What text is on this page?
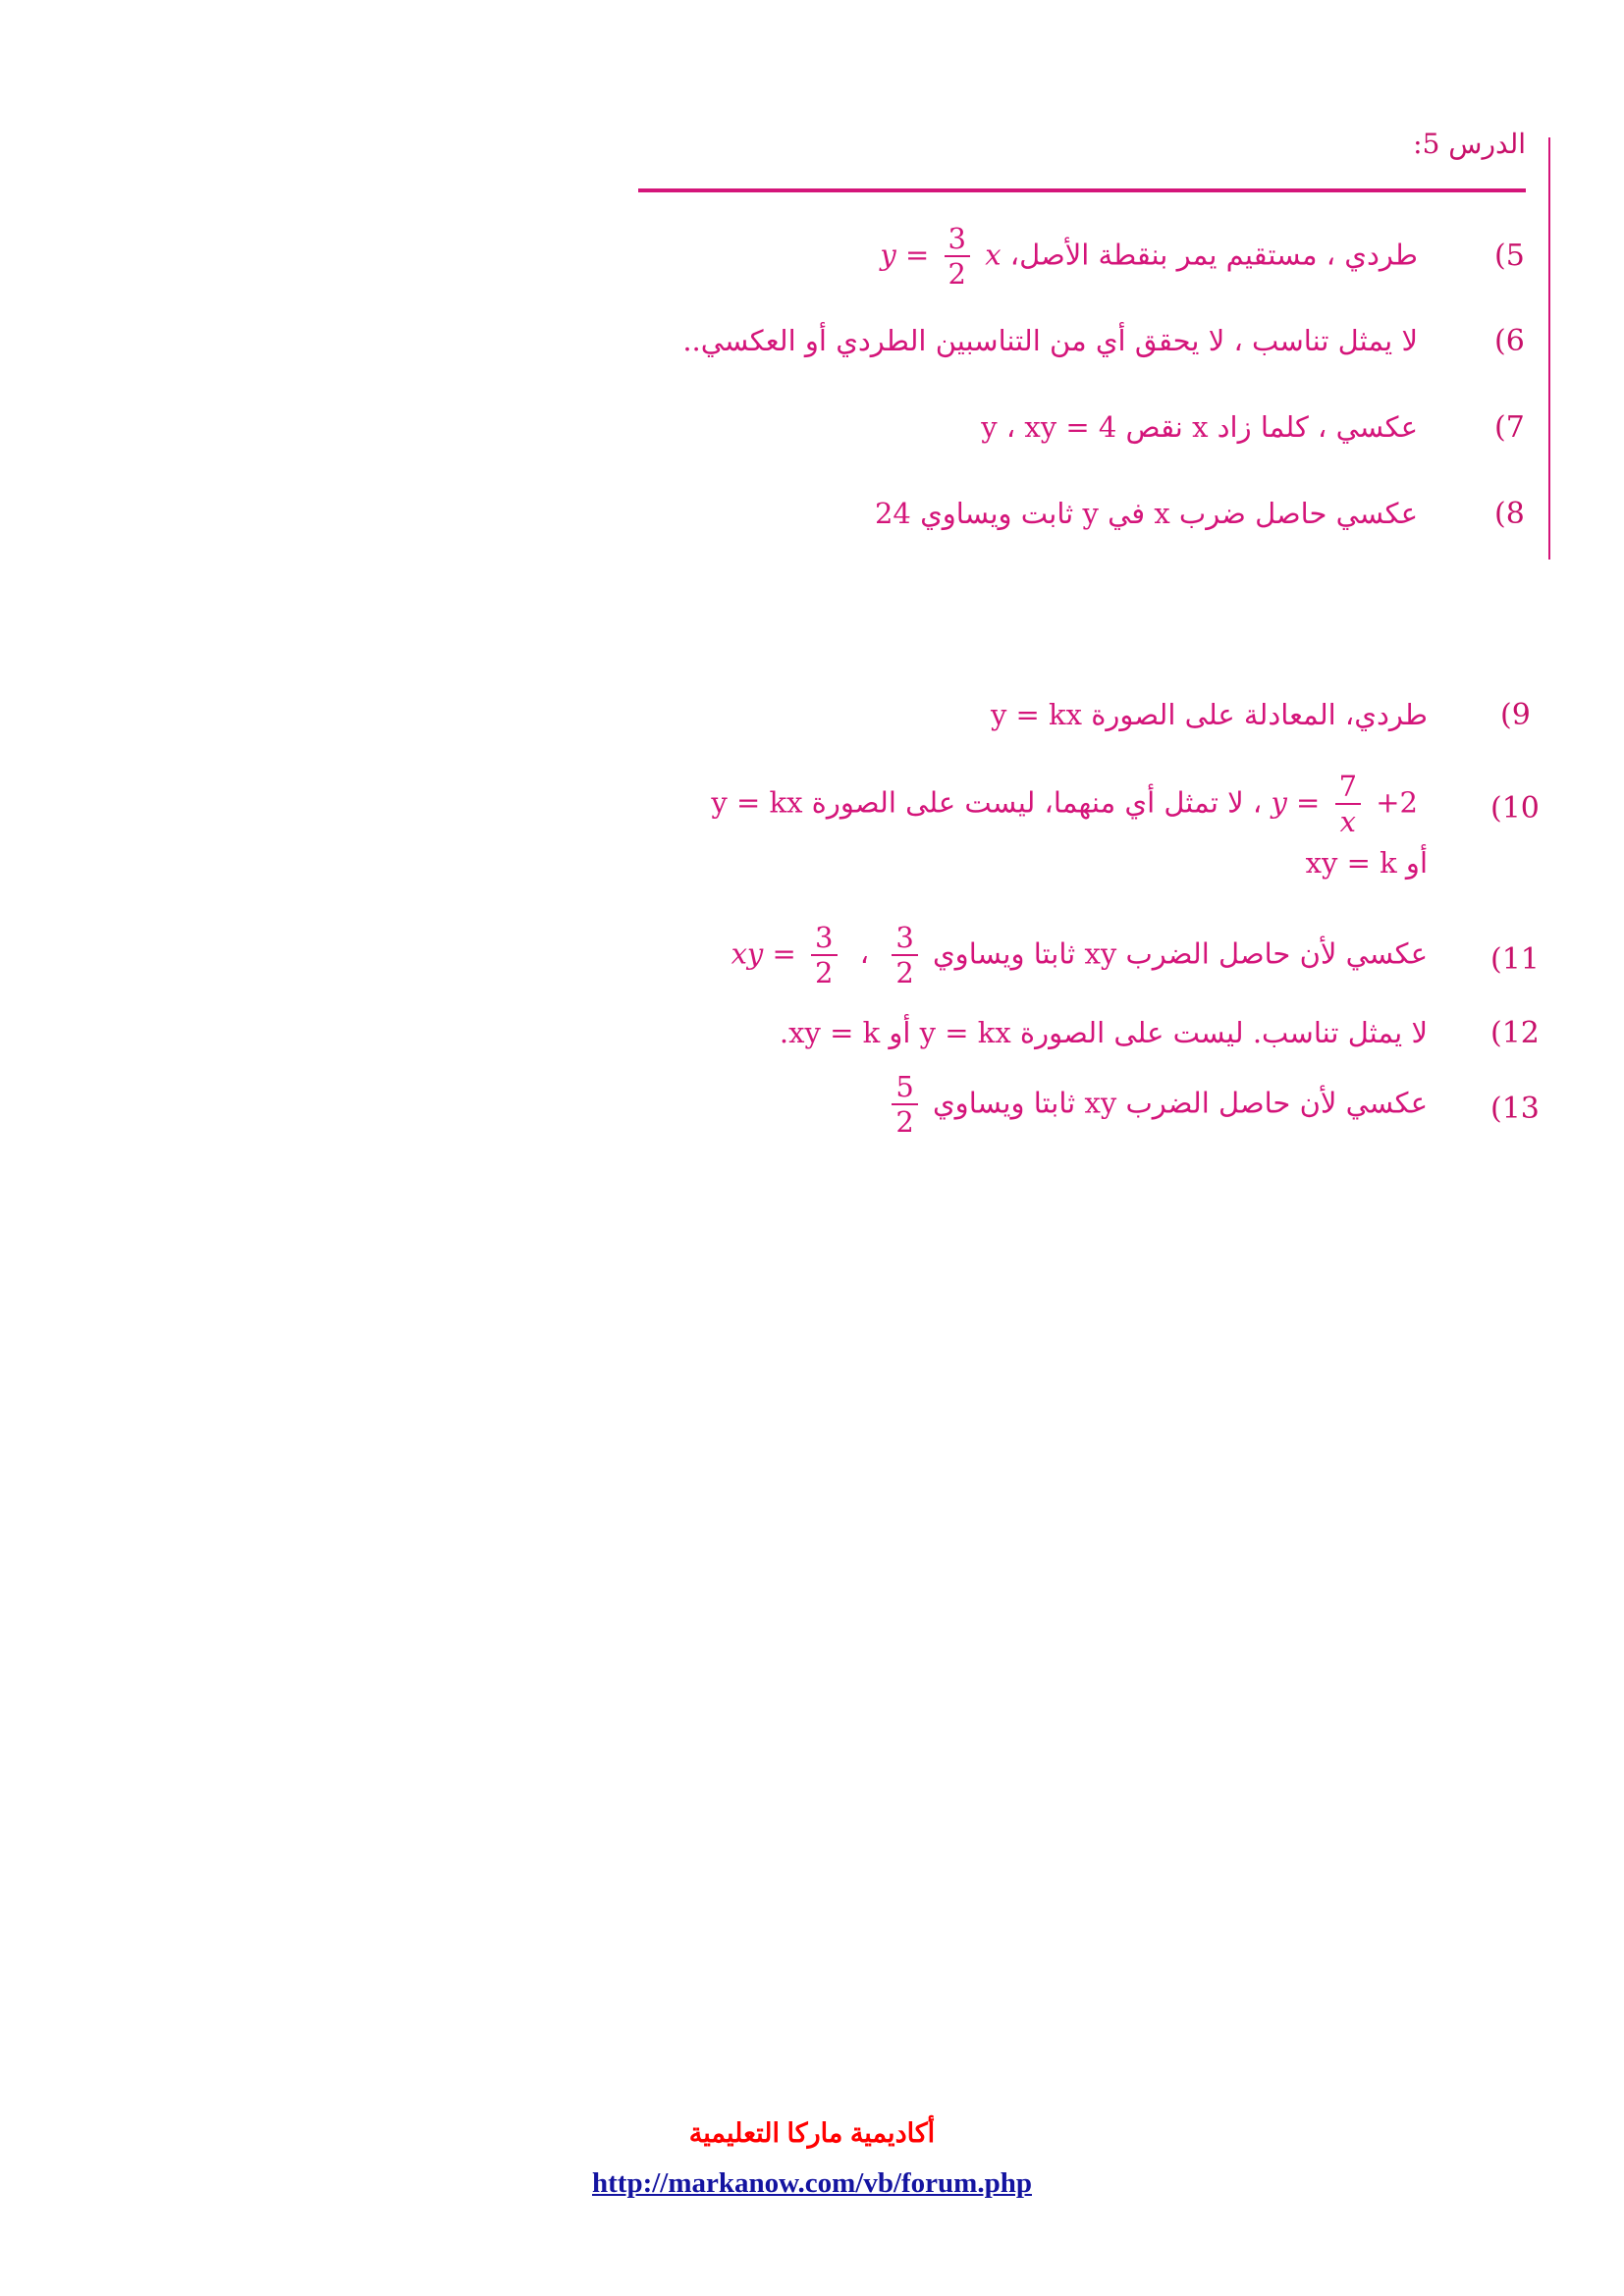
الدرس 5:
(5
طردي ، مستقيم يمر بنقطة الأصل، $y = \frac{3}{2}$ x
(6
لا يمثل تناسب ، لا يحقق أي من التناسبين الطردي أو العكسي..
(7
عكسي ، كلما زاد x نقص y ، xy = 4
(8
عكسي حاصل ضرب x في y ثابت ويساوي 24
(9
طردي، المعادلة على الصورة y = kx
(10
$y = \frac{7}{x} +2$ ، لا تمثل أي منهما، ليست على الصورة y = kx
أو xy = k
(11
عكسي لأن حاصل الضرب xy ثابتا ويساوي
$\frac{3}{2}$
، xy = $\frac{3}{2}$
(12
لا يمثل تناسب. ليست على الصورة y = kx أو xy = k.
(13
عكسي لأن حاصل الضرب xy ثابتا ويساوي
$\frac{5}{2}$
أكاديمية ماركا التعليمية
http://markanow.com/vb/forum.php
